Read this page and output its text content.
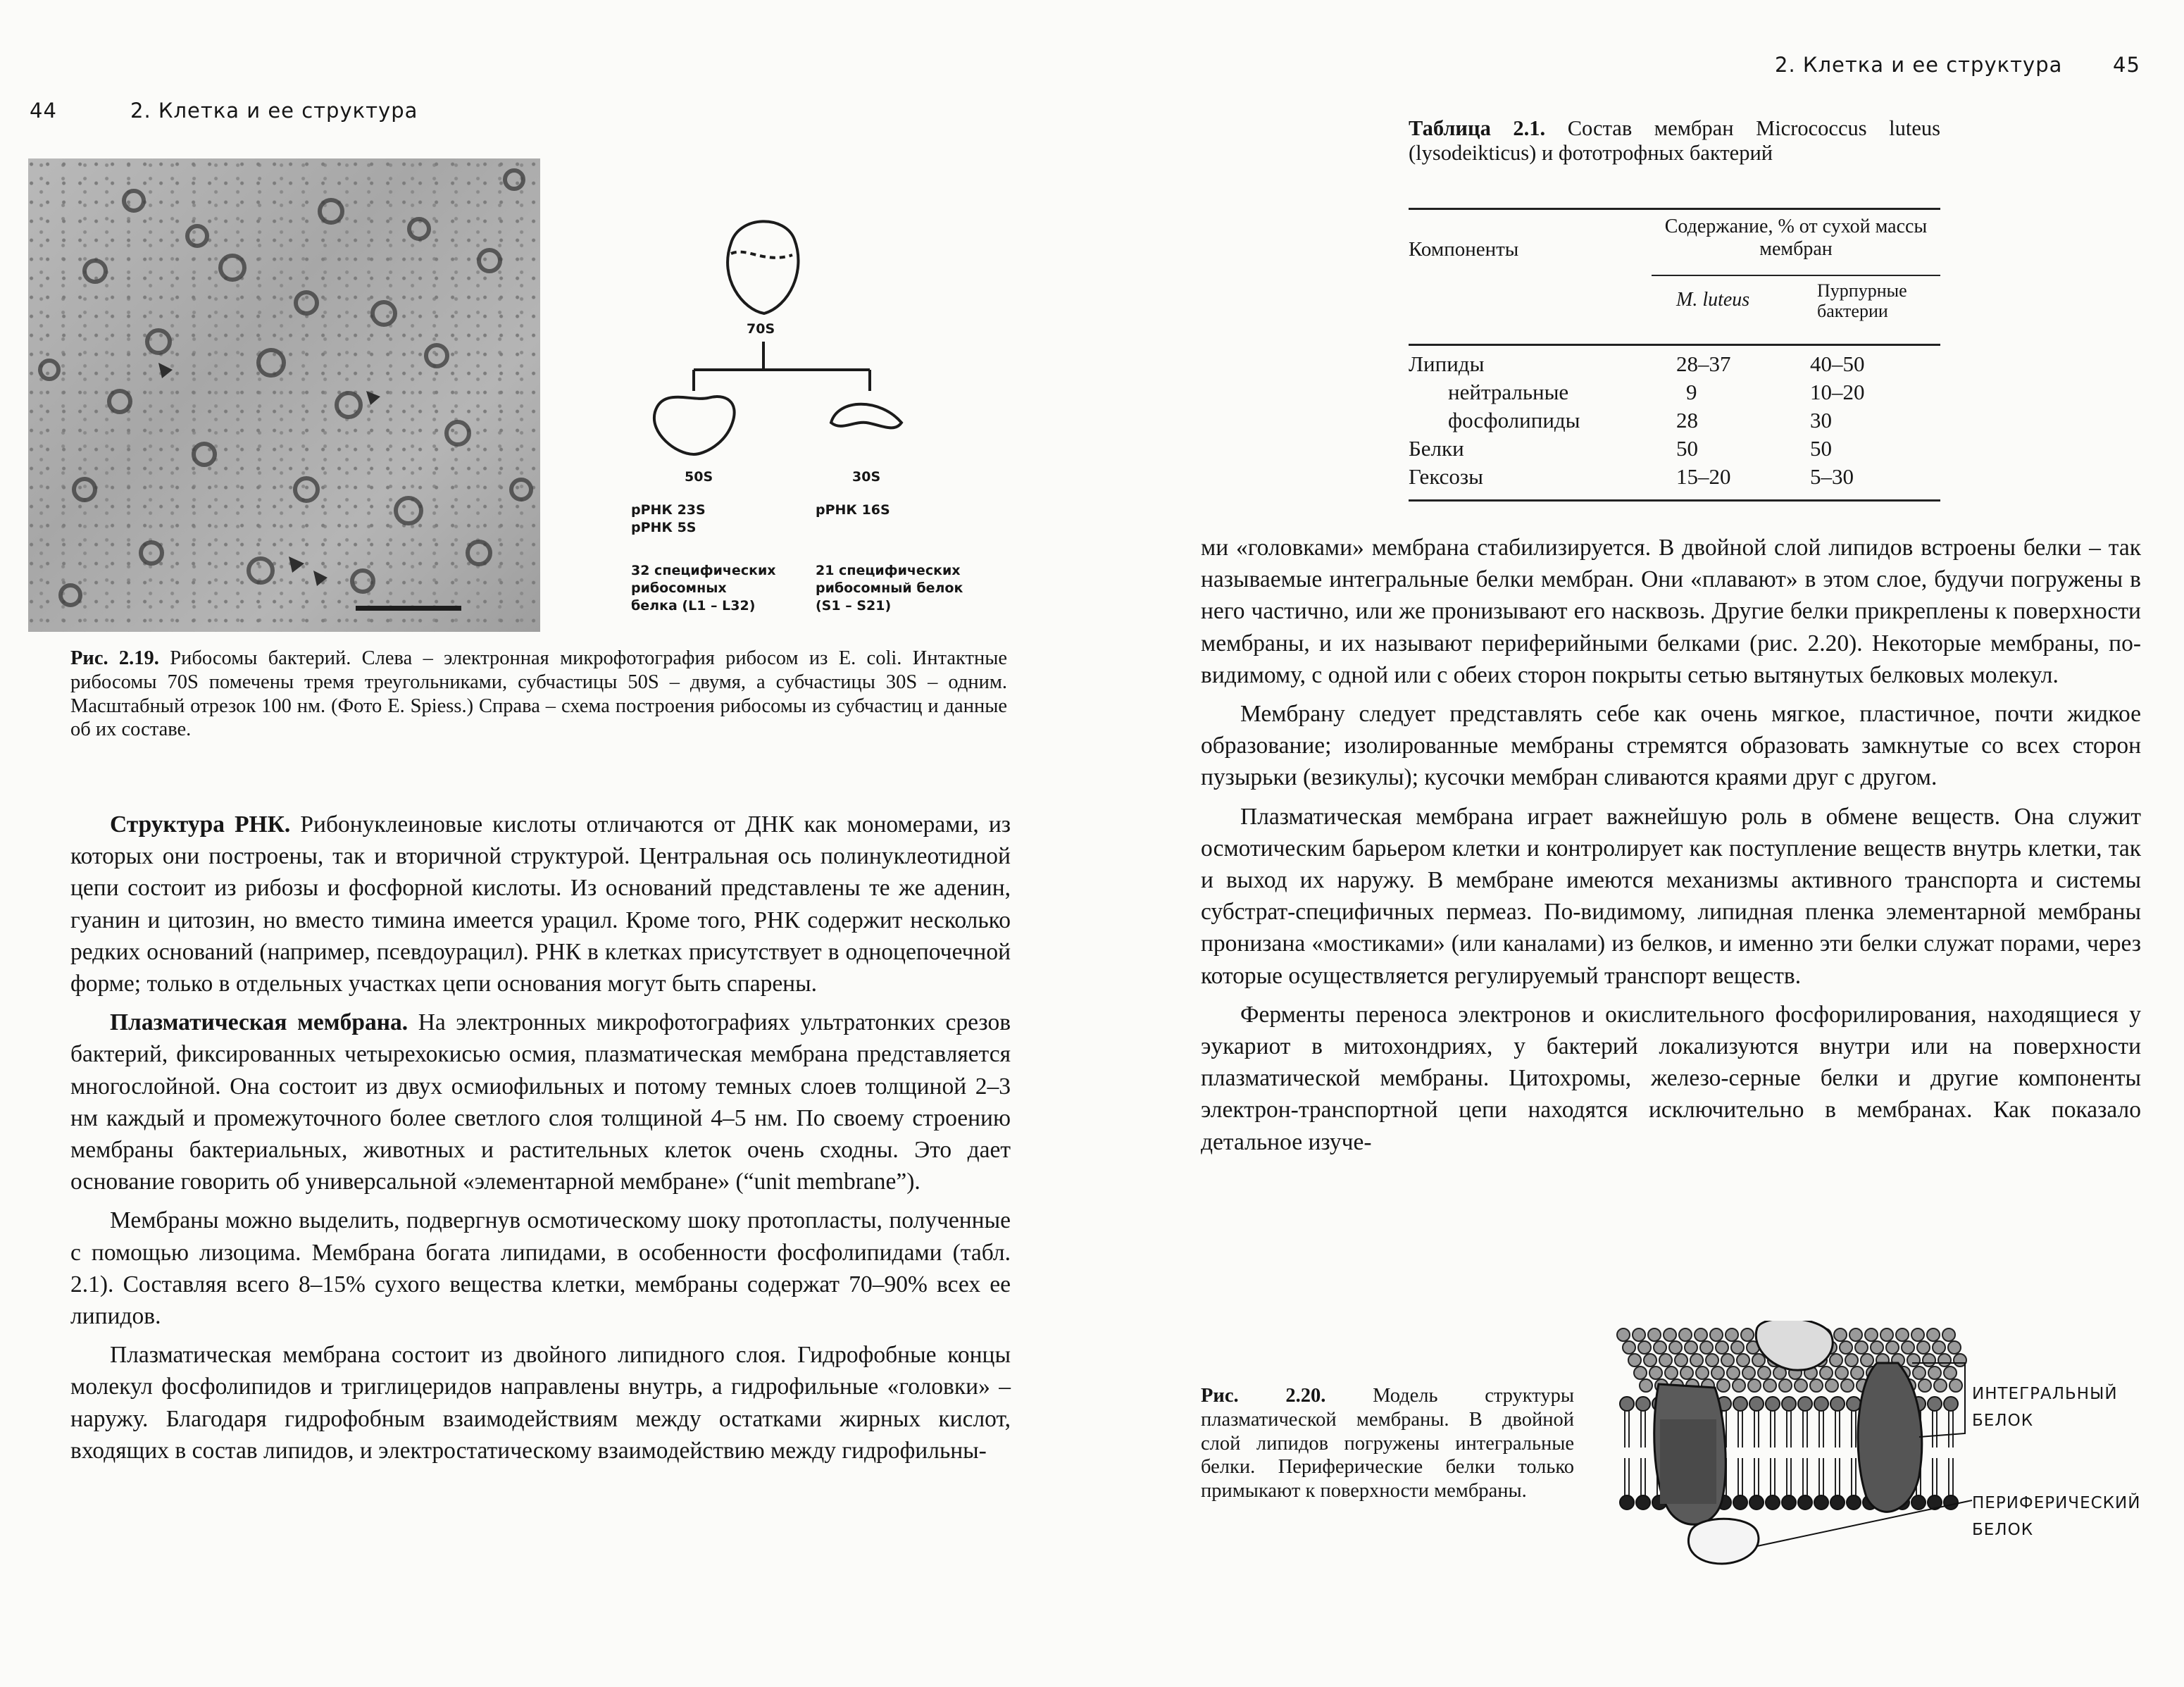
44	2. Клетка и ее структура
70S
50S	30S
рРНК 23S
рРНК 5S
рРНК 16S
32 специфических
рибосомных
белка (L1 – L32)
21 специфических
рибосомный белок
(S1 – S21)

Рис. 2.19. Рибосомы бактерий. Слева – электронная микрофотография рибосом из E. coli. Интактные рибосомы 70S помечены тремя треугольниками, субчастицы 50S – двумя, а субчастицы 30S – одним. Масштабный отрезок 100 нм. (Фото E. Spiess.) Справа – схема построения рибосомы из субчастиц и данные об их составе.

Структура РНК. Рибонуклеиновые кислоты отличаются от ДНК как мономерами, из которых они построены, так и вторичной структурой. Центральная ось полинуклеотидной цепи состоит из рибозы и фосфорной кислоты. Из оснований представлены те же аденин, гуанин и цитозин, но вместо тимина имеется урацил. Кроме того, РНК содержит несколько редких оснований (например, псевдоурацил). РНК в клетках присутствует в одноцепочечной форме; только в отдельных участках цепи основания могут быть спарены.

Плазматическая мембрана. На электронных микрофотографиях ультратонких срезов бактерий, фиксированных четырехокисью осмия, плазматическая мембрана представляется многослойной. Она состоит из двух осмиофильных и потому темных слоев толщиной 2–3 нм каждый и промежуточного более светлого слоя толщиной 4–5 нм. По своему строению мембраны бактериальных, животных и растительных клеток очень сходны. Это дает основание говорить об универсальной «элементарной мембране» (“unit membrane”).

Мембраны можно выделить, подвергнув осмотическому шоку протопласты, полученные с помощью лизоцима. Мембрана богата липидами, в особенности фосфолипидами (табл. 2.1). Составляя всего 8–15% сухого вещества клетки, мембраны содержат 70–90% всех ее липидов.

Плазматическая мембрана состоит из двойного липидного слоя. Гидрофобные концы молекул фосфолипидов и триглицеридов направлены внутрь, а гидрофильные «головки» – наружу. Благодаря гидрофобным взаимодействиям между остатками жирных кислот, входящих в состав липидов, и электростатическому взаимодействию между гидрофильны-

2. Клетка и ее структура 45
Таблица 2.1. Состав мембран Micrococcus luteus (lysodeikticus) и фототрофных бактерий
Компоненты
Содержание, % от сухой массы мембран
M. luteus	Пурпурные бактерии
Липиды	28–37	40–50
нейтральные	9	10–20
фосфолипиды	28	30
Белки	50	50
Гексозы	15–20	5–30

ми «головками» мембрана стабилизируется. В двойной слой липидов встроены белки – так называемые интегральные белки мембран. Они «плавают» в этом слое, будучи погружены в него частично, или же пронизывают его насквозь. Другие белки прикреплены к поверхности мембраны, и их называют периферийными белками (рис. 2.20). Некоторые мембраны, по-видимому, с одной или с обеих сторон покрыты сетью вытянутых белковых молекул.

Мембрану следует представлять себе как очень мягкое, пластичное, почти жидкое образование; изолированные мембраны стремятся образовать замкнутые со всех сторон пузырьки (везикулы); кусочки мембран сливаются краями друг с другом.

Плазматическая мембрана играет важнейшую роль в обмене веществ. Она служит осмотическим барьером клетки и контролирует как поступление веществ внутрь клетки, так и выход их наружу. В мембране имеются механизмы активного транспорта и системы субстрат-специфичных пермеаз. По-видимому, липидная пленка элементарной мембраны пронизана «мостиками» (или каналами) из белков, и именно эти белки служат порами, через которые осуществляется регулируемый транспорт веществ.

Ферменты переноса электронов и окислительного фосфорилирования, находящиеся у эукариот в митохондриях, у бактерий локализуются внутри или на поверхности плазматической мембраны. Цитохромы, железо-серные белки и другие компоненты электрон-транспортной цепи находятся исключительно в мембранах. Как показало детальное изуче-

Рис. 2.20. Модель структуры плазматической мембраны. В двойной слой липидов погружены интегральные белки. Периферические белки только примыкают к поверхности мембраны.

ИНТЕГРАЛЬНЫЙ
БЕЛОК
ПЕРИФЕРИЧЕСКИЙ
БЕЛОК
